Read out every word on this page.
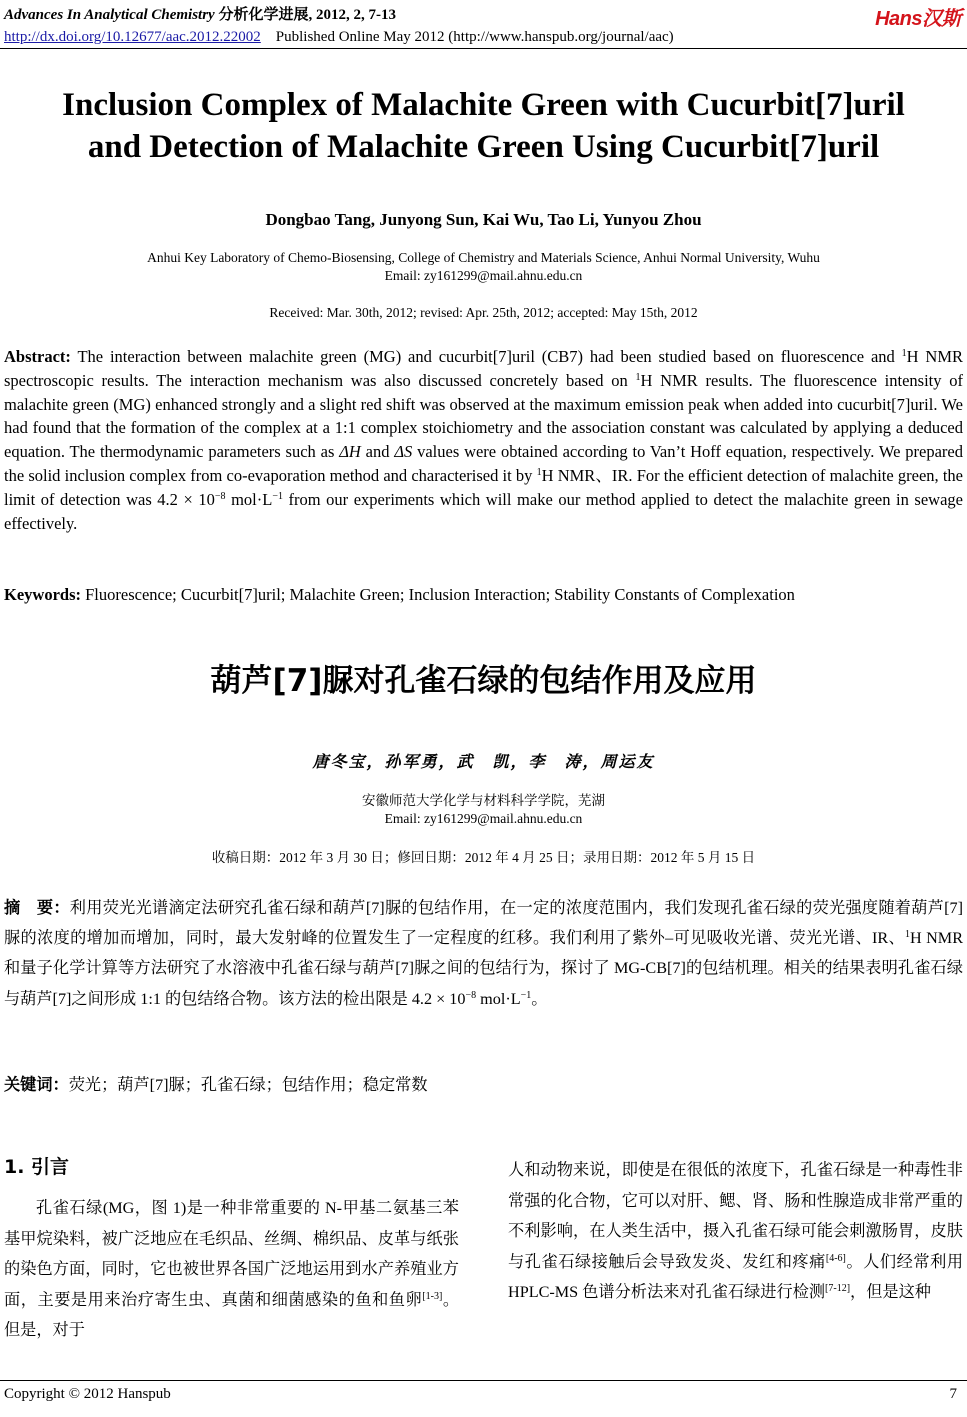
Advances In Analytical Chemistry 分析化学进展, 2012, 2, 7-13
http://dx.doi.org/10.12677/aac.2012.22002 Published Online May 2012 (http://www.hanspub.org/journal/aac)
Hans汉斯
Inclusion Complex of Malachite Green with Cucurbit[7]uril
and Detection of Malachite Green Using Cucurbit[7]uril
Dongbao Tang, Junyong Sun, Kai Wu, Tao Li, Yunyou Zhou
Anhui Key Laboratory of Chemo-Biosensing, College of Chemistry and Materials Science, Anhui Normal University, Wuhu
Email: zy161299@mail.ahnu.edu.cn
Received: Mar. 30th, 2012; revised: Apr. 25th, 2012; accepted: May 15th, 2012
Abstract: The interaction between malachite green (MG) and cucurbit[7]uril (CB7) had been studied based on fluorescence and $^1$H NMR spectroscopic results. The interaction mechanism was also discussed concretely based on $^1$H NMR results. The fluorescence intensity of malachite green (MG) enhanced strongly and a slight red shift was observed at the maximum emission peak when added into cucurbit[7]uril. We had found that the formation of the complex at a 1:1 complex stoichiometry and the association constant was calculated by applying a deduced equation. The thermodynamic parameters such as ΔH and ΔS values were obtained according to Van’t Hoff equation, respectively. We prepared the solid inclusion complex from co-evaporation method and characterised it by $^1$H NMR、IR. For the efficient detection of malachite green, the limit of detection was $4.2 \times 10^{-8}$ $mol\cdot L^{-1}$ from our experiments which will make our method applied to detect the malachite green in sewage effectively.
Keywords: Fluorescence; Cucurbit[7]uril; Malachite Green; Inclusion Interaction; Stability Constants of Complexation
葫芦[7]脲对孔雀石绿的包结作用及应用
唐冬宝，孙军勇，武　凯，李　涛，周运友
安徽师范大学化学与材料科学学院，芜湖
Email: zy161299@mail.ahnu.edu.cn
收稿日期：2012 年 3 月 30 日；修回日期：2012 年 4 月 25 日；录用日期：2012 年 5 月 15 日
摘　要：利用荧光光谱滴定法研究孔雀石绿和葫芦[7]脲的包结作用，在一定的浓度范围内，我们发现孔雀石绿的荧光强度随着葫芦[7]脲的浓度的增加而增加，同时，最大发射峰的位置发生了一定程度的红移。我们利用了紫外–可见吸收光谱、荧光光谱、IR、$^1$H NMR 和量子化学计算等方法研究了水溶液中孔雀石绿与葫芦[7]脲之间的包结行为，探讨了 MG-CB[7]的包结机理。相关的结果表明孔雀石绿与葫芦[7]之间形成 1:1 的包结络合物。该方法的检出限是 $4.2 \times 10^{-8}$ $mol\cdot L^{-1}$。
关键词：荧光；葫芦[7]脲；孔雀石绿；包结作用；稳定常数
1. 引言
孔雀石绿(MG，图 1)是一种非常重要的 N-甲基二氨基三苯基甲烷染料，被广泛地应在毛织品、丝绸、棉织品、皮革与纸张的染色方面，同时，它也被世界各国广泛地运用到水产养殖业方面，主要是用来治疗寄生虫、真菌和细菌感染的鱼和鱼卵[1-3]。但是，对于
人和动物来说，即使是在很低的浓度下，孔雀石绿是一种毒性非常强的化合物，它可以对肝、鳃、肾、肠和性腺造成非常严重的不利影响，在人类生活中，摄入孔雀石绿可能会刺激肠胃，皮肤与孔雀石绿接触后会导致发炎、发红和疼痛[4-6]。人们经常利用 HPLC-MS 色谱分析法来对孔雀石绿进行检测[7-12]，但是这种
Copyright © 2012 Hanspub	7
